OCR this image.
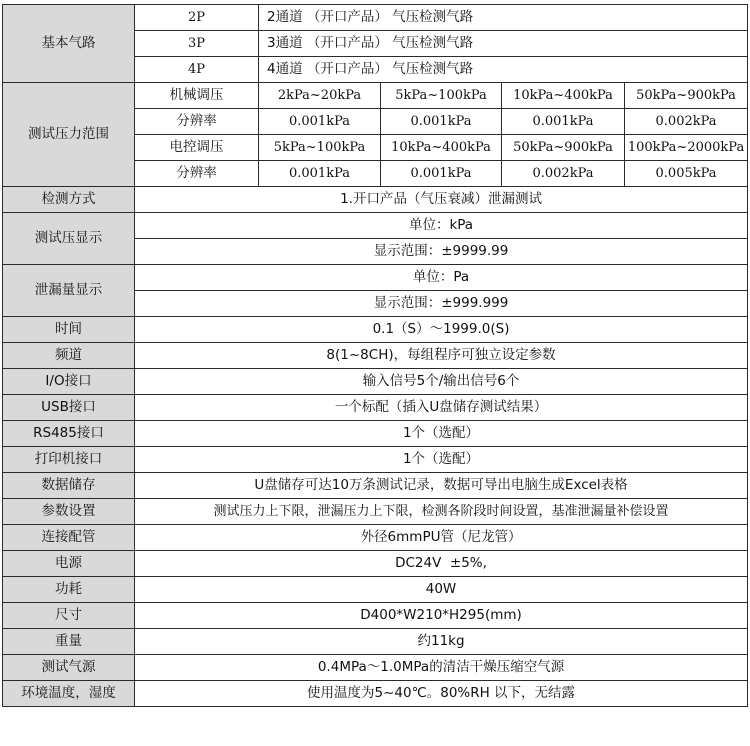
基本气路	2P	2通道 （开口产品） 气压检测气路			
	3P	3通道 （开口产品） 气压检测气路			
	4P	4通道 （开口产品） 气压检测气路			
测试压力范围	机械调压	2kPa~20kPa	5kPa~100kPa	10kPa~400kPa	50kPa~900kPa
	分辨率	0.001kPa	0.001kPa	0.001kPa	0.002kPa
	电控调压	5kPa~100kPa	10kPa~400kPa	50kPa~900kPa	100kPa~2000kPa
	分辨率	0.001kPa	0.001kPa	0.002kPa	0.005kPa
检测方式	1.开口产品（气压衰减）泄漏测试				
测试压显示	单位：kPa				
	显示范围：±9999.99				
泄漏量显示	单位：Pa				
	显示范围：±999.999				
时间	0.1（S）～1999.0(S)				
频道	8(1~8CH)，每组程序可独立设定参数				
I/O接口	输入信号5个/输出信号6个				
USB接口	一个标配（插入U盘储存测试结果）				
RS485接口	1个（选配）				
打印机接口	1个（选配）				
数据储存	U盘储存可达10万条测试记录，数据可导出电脑生成Excel表格				
参数设置	测试压力上下限，泄漏压力上下限，检测各阶段时间设置，基准泄漏量补偿设置				
连接配管	外径6mmPU管（尼龙管）				
电源	DC24V  ±5%,				
功耗	40W				
尺寸	D400*W210*H295(mm)				
重量	约11kg				
测试气源	0.4MPa～1.0MPa的清洁干燥压缩空气源				
环境温度，湿度	使用温度为5~40℃。80%RH 以下，无结露				
